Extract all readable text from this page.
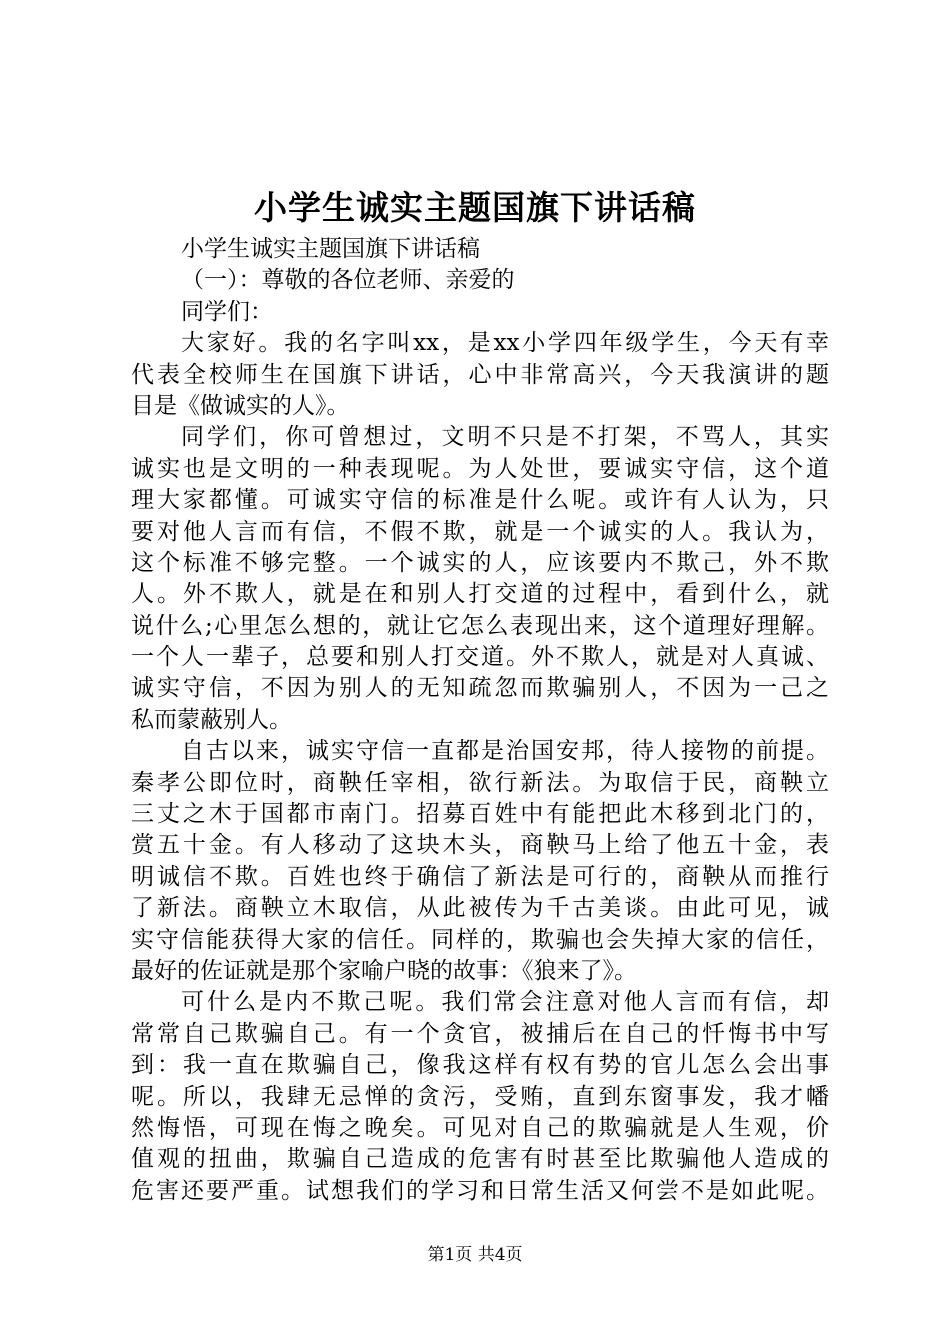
小学生诚实主题国旗下讲话稿
小学生诚实主题国旗下讲话稿
（一）：尊敬的各位老师、亲爱的
同学们：
大家好。我的名字叫xx，是xx小学四年级学生，今天有幸
代表全校师生在国旗下讲话，心中非常高兴，今天我演讲的题
目是《做诚实的人》。
同学们，你可曾想过，文明不只是不打架，不骂人，其实
诚实也是文明的一种表现呢。为人处世，要诚实守信，这个道
理大家都懂。可诚实守信的标准是什么呢。或许有人认为，只
要对他人言而有信，不假不欺，就是一个诚实的人。我认为，
这个标准不够完整。一个诚实的人，应该要内不欺己，外不欺
人。外不欺人，就是在和别人打交道的过程中，看到什么，就
说什么;心里怎么想的，就让它怎么表现出来，这个道理好理解。
一个人一辈子，总要和别人打交道。外不欺人，就是对人真诚、
诚实守信，不因为别人的无知疏忽而欺骗别人，不因为一己之
私而蒙蔽别人。
自古以来，诚实守信一直都是治国安邦，待人接物的前提。
秦孝公即位时，商鞅任宰相，欲行新法。为取信于民，商鞅立
三丈之木于国都市南门。招募百姓中有能把此木移到北门的，
赏五十金。有人移动了这块木头，商鞅马上给了他五十金，表
明诚信不欺。百姓也终于确信了新法是可行的，商鞅从而推行
了新法。商鞅立木取信，从此被传为千古美谈。由此可见，诚
实守信能获得大家的信任。同样的，欺骗也会失掉大家的信任，
最好的佐证就是那个家喻户晓的故事：《狼来了》。
可什么是内不欺己呢。我们常会注意对他人言而有信，却
常常自己欺骗自己。有一个贪官，被捕后在自己的忏悔书中写
到：我一直在欺骗自己，像我这样有权有势的官儿怎么会出事
呢。所以，我肆无忌惮的贪污，受贿，直到东窗事发，我才幡
然悔悟，可现在悔之晚矣。可见对自己的欺骗就是人生观，价
值观的扭曲，欺骗自己造成的危害有时甚至比欺骗他人造成的
危害还要严重。试想我们的学习和日常生活又何尝不是如此呢。
第1页 共4页
